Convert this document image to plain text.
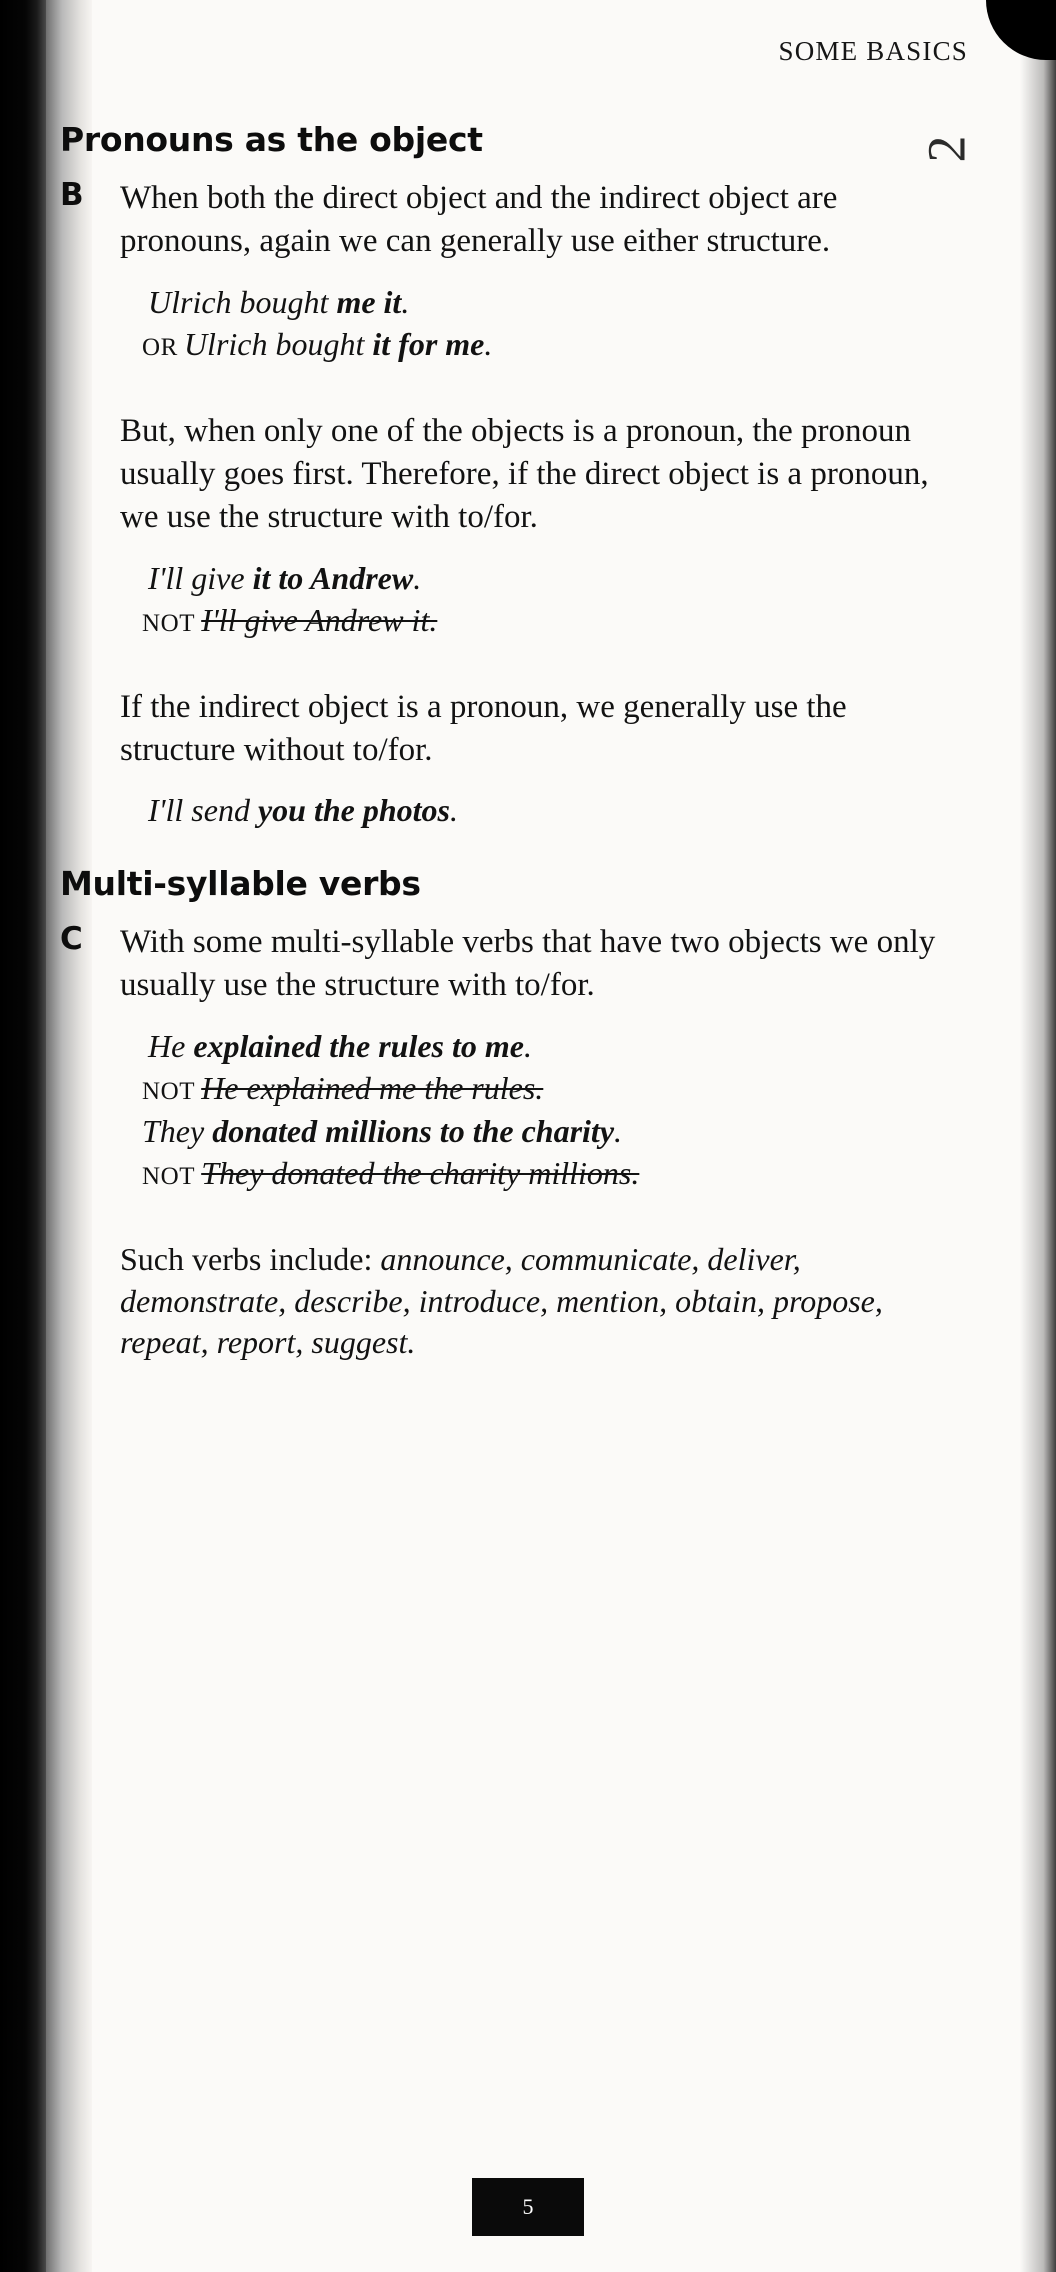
SOME BASICS
2
Pronouns as the object
B When both the direct object and the indirect object are pronouns, again we can generally use either structure.

Ulrich bought me it.
OR Ulrich bought it for me.

But, when only one of the objects is a pronoun, the pronoun usually goes first. Therefore, if the direct object is a pronoun, we use the structure with to/for.

I'll give it to Andrew.
NOT I'll give Andrew it.

If the indirect object is a pronoun, we generally use the structure without to/for.

I'll send you the photos.
Multi-syllable verbs
C With some multi-syllable verbs that have two objects we only usually use the structure with to/for.

He explained the rules to me.
NOT He explained me the rules.
They donated millions to the charity.
NOT They donated the charity millions.

Such verbs include: announce, communicate, deliver, demonstrate, describe, introduce, mention, obtain, propose, repeat, report, suggest.

5
